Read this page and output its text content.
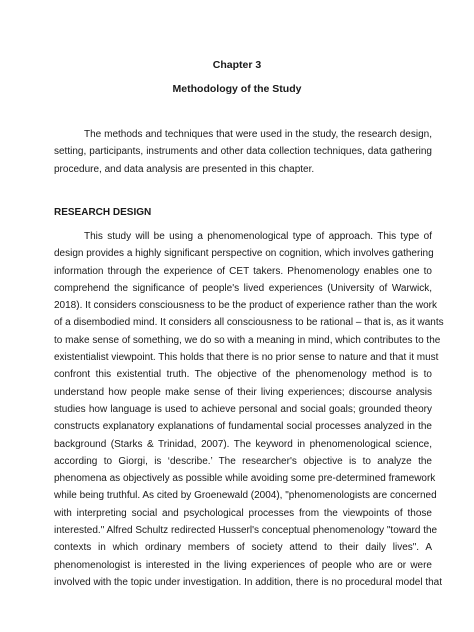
Chapter 3

Methodology of the Study

The methods and techniques that were used in the study, the research design,
setting, participants, instruments and other data collection techniques, data gathering
procedure, and data analysis are presented in this chapter.

RESEARCH DESIGN

This study will be using a phenomenological type of approach. This type of
design provides a highly significant perspective on cognition, which involves gathering
information through the experience of CET takers. Phenomenology enables one to
comprehend the significance of people's lived experiences (University of Warwick,
2018). It considers consciousness to be the product of experience rather than the work
of a disembodied mind. It considers all consciousness to be rational – that is, as it wants
to make sense of something, we do so with a meaning in mind, which contributes to the
existentialist viewpoint. This holds that there is no prior sense to nature and that it must
confront this existential truth. The objective of the phenomenology method is to
understand how people make sense of their living experiences; discourse analysis
studies how language is used to achieve personal and social goals; grounded theory
constructs explanatory explanations of fundamental social processes analyzed in the
background (Starks & Trinidad, 2007). The keyword in phenomenological science,
according to Giorgi, is ‘describe.’ The researcher's objective is to analyze the
phenomena as objectively as possible while avoiding some pre-determined framework
while being truthful. As cited by Groenewald (2004), "phenomenologists are concerned
with interpreting social and psychological processes from the viewpoints of those
interested." Alfred Schultz redirected Husserl's conceptual phenomenology "toward the
contexts in which ordinary members of society attend to their daily lives". A
phenomenologist is interested in the living experiences of people who are or were
involved with the topic under investigation. In addition, there is no procedural model that
